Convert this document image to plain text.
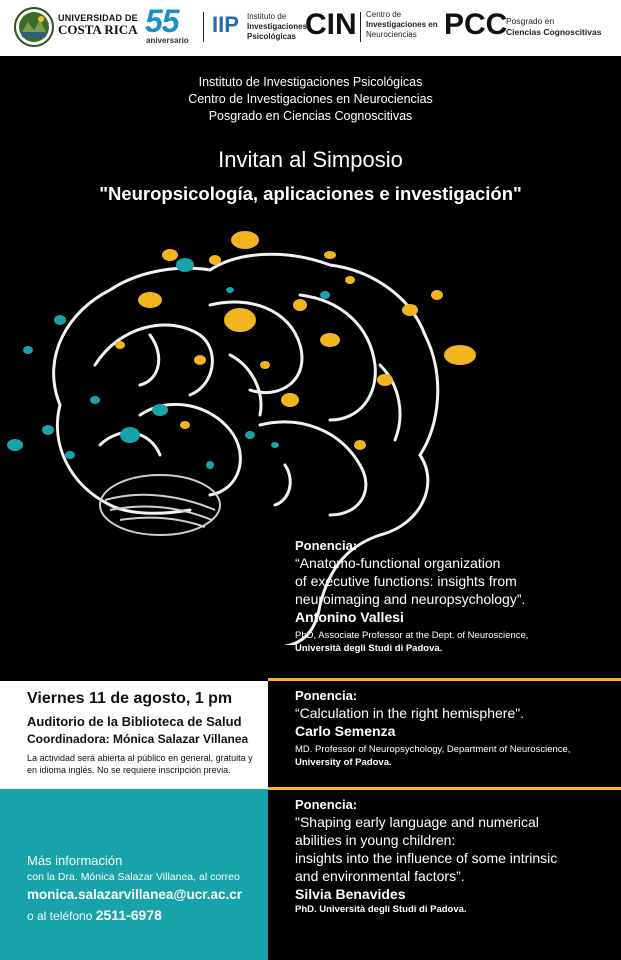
UNIVERSIDAD DE
COSTA RICA 55
aniversario
IIP Instituto de
Investigaciones
Psicológicas CIN Centro de
Investigaciones en
Neurociencias PCC
Posgrado en
Ciencias Cognoscitivas
Instituto de Investigaciones Psicológicas
Centro de Investigaciones en Neurociencias
Posgrado en Ciencias Cognoscitivas
Invitan al Simposio
"Neuropsicología, aplicaciones e investigación"
Ponencia:
“Anatomo-functional organization
of executive functions: insights from
neuroimaging and neuropsychology”.
Antonino Vallesi
PhD, Associate Professor at the Dept. of Neuroscience,
Università degli Studi di Padova.
Ponencia:
“Calculation in the right hemisphere".
Carlo Semenza
MD. Professor of Neuropsychology, Department of Neuroscience,
University of Padova.
Ponencia:
"Shaping early language and numerical
abilities in young children:
insights into the influence of some intrinsic
and environmental factors”.
Silvia Benavides
PhD. Università degli Studi di Padova.
Viernes 11 de agosto, 1 pm
Auditorio de la Biblioteca de Salud
Coordinadora: Mónica Salazar Villanea
La actividad será abierta al público en general, gratuita y en idioma inglés. No se requiere inscripción previa.
Más información
con la Dra. Mónica Salazar Villanea, al correo
monica.salazarvillanea@ucr.ac.cr
o al teléfono 2511-6978
